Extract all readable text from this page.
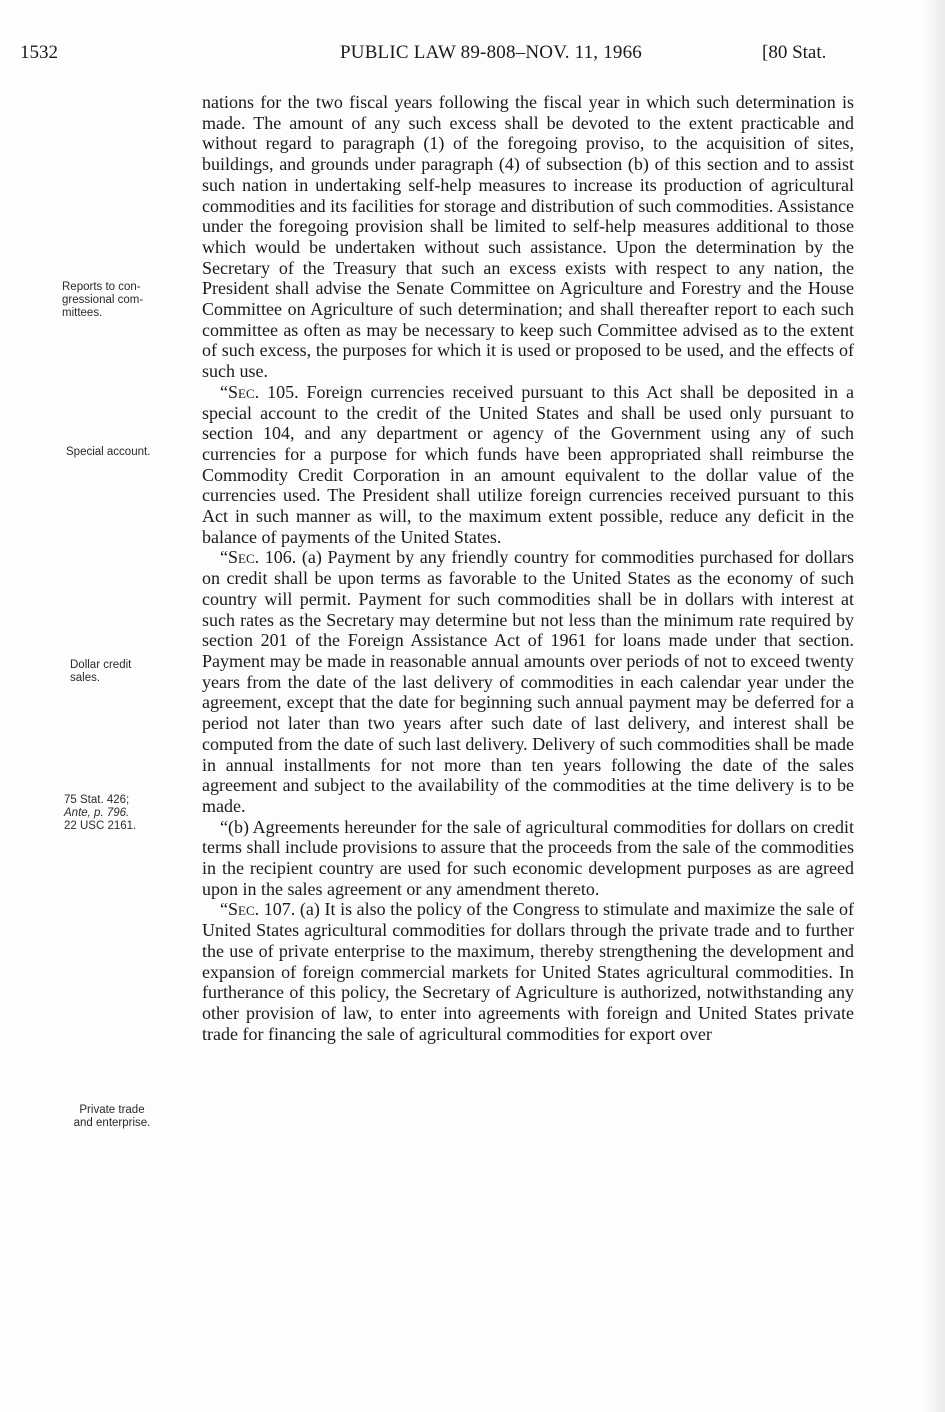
1532	PUBLIC LAW 89-808–NOV. 11, 1966	[80 Stat.
Reports to con-
gressional com-
mittees.
Special account.
Dollar credit
sales.
75 Stat. 426;
Ante, p. 796.
22 USC 2161.
Private trade
and enterprise.

nations for the two fiscal years following the fiscal year in which such determination is made. The amount of any such excess shall be devoted to the extent practicable and without regard to paragraph (1) of the foregoing proviso, to the acquisition of sites, buildings, and grounds under paragraph (4) of subsection (b) of this section and to assist such nation in undertaking self-help measures to increase its production of agricultural commodities and its facilities for storage and distribution of such commodities. Assistance under the foregoing provision shall be limited to self-help measures additional to those which would be undertaken without such assistance. Upon the determination by the Secretary of the Treasury that such an excess exists with respect to any nation, the President shall advise the Senate Committee on Agriculture and Forestry and the House Committee on Agriculture of such determination; and shall thereafter report to each such committee as often as may be necessary to keep such Committee advised as to the extent of such excess, the purposes for which it is used or proposed to be used, and the effects of such use.

“Sec. 105. Foreign currencies received pursuant to this Act shall be deposited in a special account to the credit of the United States and shall be used only pursuant to section 104, and any department or agency of the Government using any of such currencies for a purpose for which funds have been appropriated shall reimburse the Commodity Credit Corporation in an amount equivalent to the dollar value of the currencies used. The President shall utilize foreign currencies received pursuant to this Act in such manner as will, to the maximum extent possible, reduce any deficit in the balance of payments of the United States.

“Sec. 106. (a) Payment by any friendly country for commodities purchased for dollars on credit shall be upon terms as favorable to the United States as the economy of such country will permit. Payment for such commodities shall be in dollars with interest at such rates as the Secretary may determine but not less than the minimum rate required by section 201 of the Foreign Assistance Act of 1961 for loans made under that section. Payment may be made in reasonable annual amounts over periods of not to exceed twenty years from the date of the last delivery of commodities in each calendar year under the agreement, except that the date for beginning such annual payment may be deferred for a period not later than two years after such date of last delivery, and interest shall be computed from the date of such last delivery. Delivery of such commodities shall be made in annual installments for not more than ten years following the date of the sales agreement and subject to the availability of the commodities at the time delivery is to be made.

“(b) Agreements hereunder for the sale of agricultural commodities for dollars on credit terms shall include provisions to assure that the proceeds from the sale of the commodities in the recipient country are used for such economic development purposes as are agreed upon in the sales agreement or any amendment thereto.

“Sec. 107. (a) It is also the policy of the Congress to stimulate and maximize the sale of United States agricultural commodities for dollars through the private trade and to further the use of private enterprise to the maximum, thereby strengthening the development and expansion of foreign commercial markets for United States agricultural commodities. In furtherance of this policy, the Secretary of Agriculture is authorized, notwithstanding any other provision of law, to enter into agreements with foreign and United States private trade for financing the sale of agricultural commodities for export over
